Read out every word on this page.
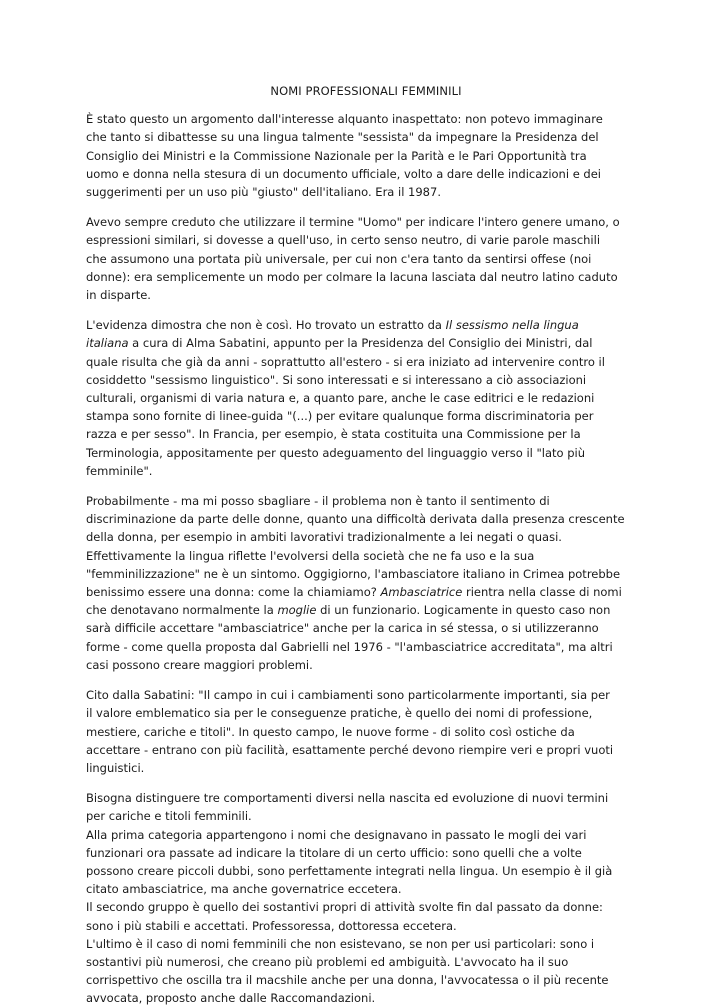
NOMI PROFESSIONALI FEMMINILI
È stato questo un argomento dall'interesse alquanto inaspettato: non potevo immaginare
che tanto si dibattesse su una lingua talmente "sessista" da impegnare la Presidenza del
Consiglio dei Ministri e la Commissione Nazionale per la Parità e le Pari Opportunità tra
uomo e donna nella stesura di un documento ufficiale, volto a dare delle indicazioni e dei
suggerimenti per un uso più "giusto" dell'italiano. Era il 1987.
Avevo sempre creduto che utilizzare il termine "Uomo" per indicare l'intero genere umano, o
espressioni similari, si dovesse a quell'uso, in certo senso neutro, di varie parole maschili
che assumono una portata più universale, per cui non c'era tanto da sentirsi offese (noi
donne): era semplicemente un modo per colmare la lacuna lasciata dal neutro latino caduto
in disparte.
L'evidenza dimostra che non è così. Ho trovato un estratto da Il sessismo nella lingua
italiana a cura di Alma Sabatini, appunto per la Presidenza del Consiglio dei Ministri, dal
quale risulta che già da anni - soprattutto all'estero - si era iniziato ad intervenire contro il
cosiddetto "sessismo linguistico". Si sono interessati e si interessano a ciò associazioni
culturali, organismi di varia natura e, a quanto pare, anche le case editrici e le redazioni
stampa sono fornite di linee-guida "(...) per evitare qualunque forma discriminatoria per
razza e per sesso". In Francia, per esempio, è stata costituita una Commissione per la
Terminologia, appositamente per questo adeguamento del linguaggio verso il "lato più
femminile".
Probabilmente - ma mi posso sbagliare - il problema non è tanto il sentimento di
discriminazione da parte delle donne, quanto una difficoltà derivata dalla presenza crescente
della donna, per esempio in ambiti lavorativi tradizionalmente a lei negati o quasi.
Effettivamente la lingua riflette l'evolversi della società che ne fa uso e la sua
"femminilizzazione" ne è un sintomo. Oggigiorno, l'ambasciatore italiano in Crimea potrebbe
benissimo essere una donna: come la chiamiamo? Ambasciatrice rientra nella classe di nomi
che denotavano normalmente la moglie di un funzionario. Logicamente in questo caso non
sarà difficile accettare "ambasciatrice" anche per la carica in sé stessa, o si utilizzeranno
forme - come quella proposta dal Gabrielli nel 1976 - "l'ambasciatrice accreditata", ma altri
casi possono creare maggiori problemi.
Cito dalla Sabatini: "Il campo in cui i cambiamenti sono particolarmente importanti, sia per
il valore emblematico sia per le conseguenze pratiche, è quello dei nomi di professione,
mestiere, cariche e titoli". In questo campo, le nuove forme - di solito così ostiche da
accettare - entrano con più facilità, esattamente perché devono riempire veri e propri vuoti
linguistici.
Bisogna distinguere tre comportamenti diversi nella nascita ed evoluzione di nuovi termini
per cariche e titoli femminili.
Alla prima categoria appartengono i nomi che designavano in passato le mogli dei vari
funzionari ora passate ad indicare la titolare di un certo ufficio: sono quelli che a volte
possono creare piccoli dubbi, sono perfettamente integrati nella lingua. Un esempio è il già
citato ambasciatrice, ma anche governatrice eccetera.
Il secondo gruppo è quello dei sostantivi propri di attività svolte fin dal passato da donne:
sono i più stabili e accettati. Professoressa, dottoressa eccetera.
L'ultimo è il caso di nomi femminili che non esistevano, se non per usi particolari: sono i
sostantivi più numerosi, che creano più problemi ed ambiguità. L'avvocato ha il suo
corrispettivo che oscilla tra il macshile anche per una donna, l'avvocatessa o il più recente
avvocata, proposto anche dalle Raccomandazioni.
